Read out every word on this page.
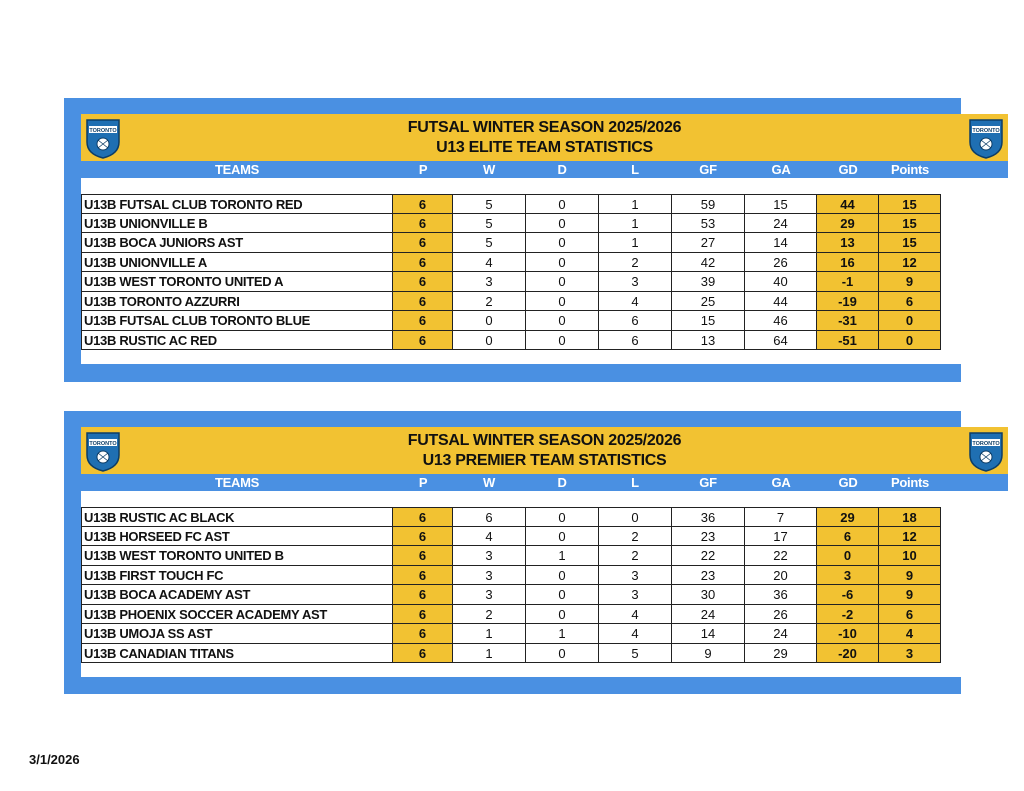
FUTSAL WINTER SEASON 2025/2026
U13 ELITE TEAM STATISTICS
TORONTO	TORONTO
TEAMS	P	W	D	L	GF	GA	GD	Points
U13B FUTSAL CLUB TORONTO RED	6	5	0	1	59	15	44	15
U13B UNIONVILLE B	6	5	0	1	53	24	29	15
U13B BOCA JUNIORS AST	6	5	0	1	27	14	13	15
U13B UNIONVILLE A	6	4	0	2	42	26	16	12
U13B WEST TORONTO UNITED A	6	3	0	3	39	40	-1	9
U13B TORONTO AZZURRI	6	2	0	4	25	44	-19	6
U13B FUTSAL CLUB TORONTO BLUE	6	0	0	6	15	46	-31	0
U13B RUSTIC AC RED	6	0	0	6	13	64	-51	0
FUTSAL WINTER SEASON 2025/2026
U13 PREMIER TEAM STATISTICS
TORONTO	TORONTO
TEAMS	P	W	D	L	GF	GA	GD	Points
U13B RUSTIC AC BLACK	6	6	0	0	36	7	29	18
U13B HORSEED FC AST	6	4	0	2	23	17	6	12
U13B WEST TORONTO UNITED B	6	3	1	2	22	22	0	10
U13B FIRST TOUCH FC	6	3	0	3	23	20	3	9
U13B BOCA ACADEMY AST	6	3	0	3	30	36	-6	9
U13B PHOENIX SOCCER ACADEMY AST	6	2	0	4	24	26	-2	6
U13B UMOJA SS AST	6	1	1	4	14	24	-10	4
U13B CANADIAN TITANS	6	1	0	5	9	29	-20	3
3/1/2026
